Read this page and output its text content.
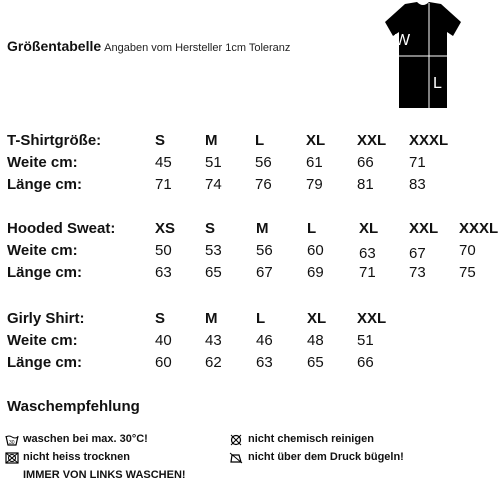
Größentabelle Angaben vom Hersteller 1cm Toleranz	W
L
T-Shirtgröße:	S	M	L	XL XXL XXXL
Weite cm:	45 51 56 61 66 71
Länge cm:	71 74 76 79 81 83
Hooded Sweat:	XS S	M	L	XL XXL XXXL
Weite cm:	50 53 56 60 63 67 70
Länge cm:	63 65 67 69 71 73 75
Girly Shirt:	S	M	L	XL XXL
Weite cm:	40 43 46 48 51
Länge cm:	60 62 63 65 66
Waschempfehlung
30 waschen bei max. 30°C!
nicht heiss trocknen
nicht chemisch reinigen
nicht über dem Druck bügeln!
IMMER VON LINKS WASCHEN!
